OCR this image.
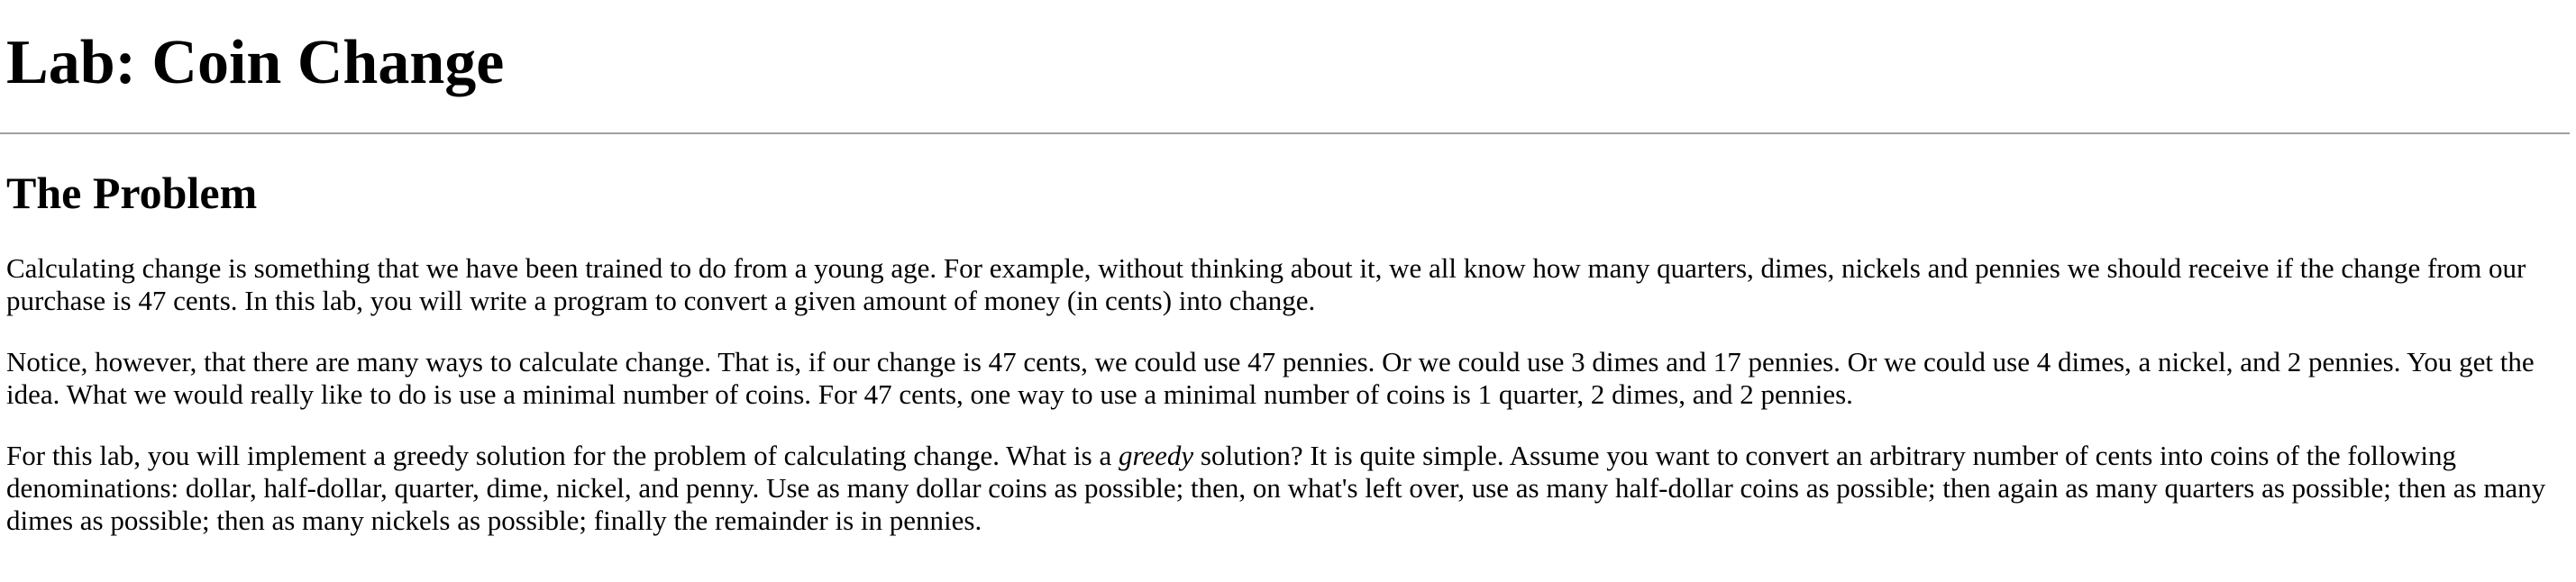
Lab: Coin Change
The Problem

Calculating change is something that we have been trained to do from a young age. For example, without thinking about it, we all know how many quarters, dimes, nickels and pennies we should receive if the change from our purchase is 47 cents. In this lab, you will write a program to convert a given amount of money (in cents) into change.

Notice, however, that there are many ways to calculate change. That is, if our change is 47 cents, we could use 47 pennies. Or we could use 3 dimes and 17 pennies. Or we could use 4 dimes, a nickel, and 2 pennies. You get the idea. What we would really like to do is use a minimal number of coins. For 47 cents, one way to use a minimal number of coins is 1 quarter, 2 dimes, and 2 pennies.

For this lab, you will implement a greedy solution for the problem of calculating change. What is a greedy solution? It is quite simple. Assume you want to convert an arbitrary number of cents into coins of the following denominations: dollar, half-dollar, quarter, dime, nickel, and penny. Use as many dollar coins as possible; then, on what's left over, use as many half-dollar coins as possible; then again as many quarters as possible; then as many dimes as possible; then as many nickels as possible; finally the remainder is in pennies.
